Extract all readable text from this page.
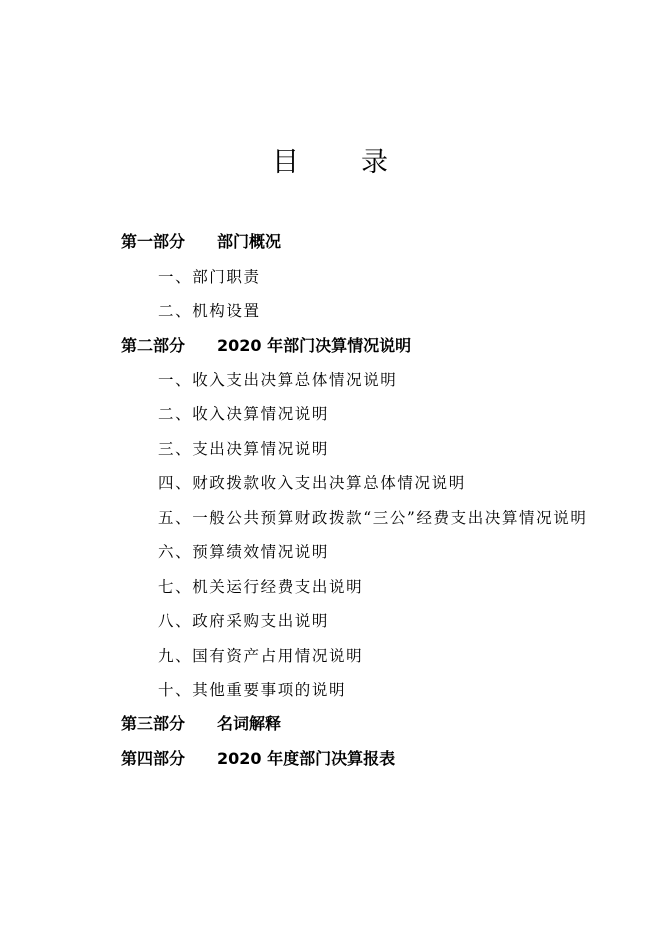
目 录
第一部分 部门概况
一、部门职责
二、机构设置
第二部分 2020 年部门决算情况说明
一、收入支出决算总体情况说明
二、收入决算情况说明
三、支出决算情况说明
四、财政拨款收入支出决算总体情况说明
五、一般公共预算财政拨款“三公”经费支出决算情况说明
六、预算绩效情况说明
七、机关运行经费支出说明
八、政府采购支出说明
九、国有资产占用情况说明
十、其他重要事项的说明
第三部分 名词解释
第四部分 2020 年度部门决算报表
